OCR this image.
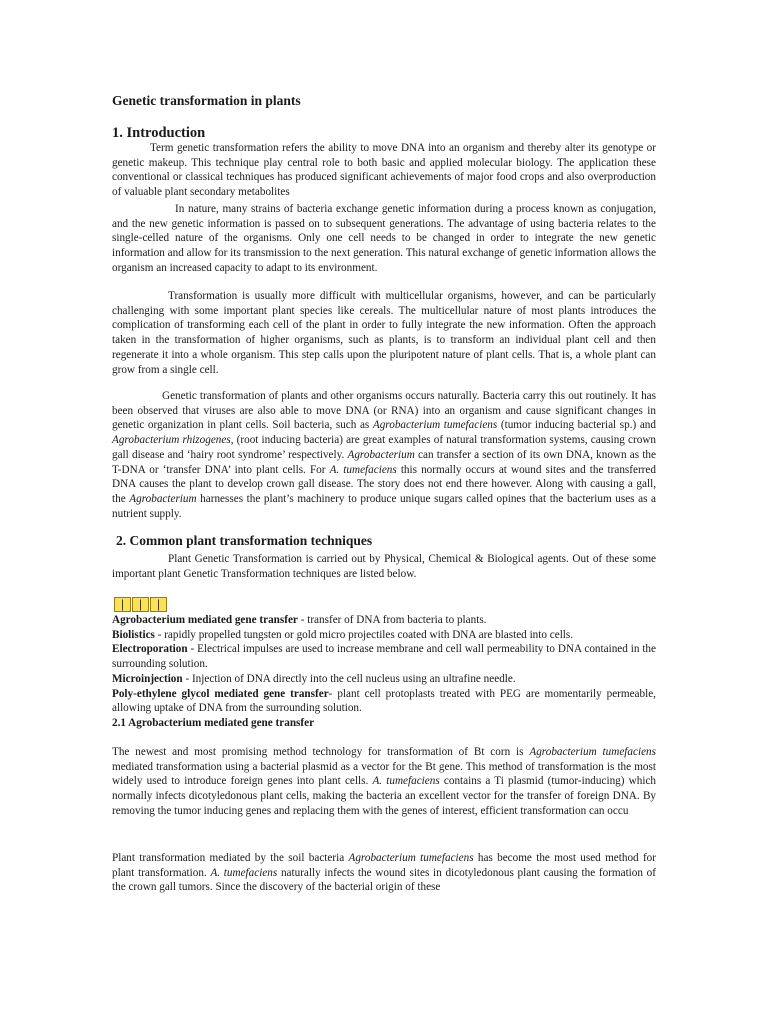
Genetic transformation in plants
1. Introduction

Term genetic transformation refers the ability to move DNA into an organism and thereby alter its genotype or genetic makeup. This technique play central role to both basic and applied molecular biology. The application these conventional or classical techniques has produced significant achievements of major food crops and also overproduction of valuable plant secondary metabolites

In nature, many strains of bacteria exchange genetic information during a process known as conjugation, and the new genetic information is passed on to subsequent generations. The advantage of using bacteria relates to the single-celled nature of the organisms. Only one cell needs to be changed in order to integrate the new genetic information and allow for its transmission to the next generation. This natural exchange of genetic information allows the organism an increased capacity to adapt to its environment.

Transformation is usually more difficult with multicellular organisms, however, and can be particularly challenging with some important plant species like cereals. The multicellular nature of most plants introduces the complication of transforming each cell of the plant in order to fully integrate the new information. Often the approach taken in the transformation of higher organisms, such as plants, is to transform an individual plant cell and then regenerate it into a whole organism. This step calls upon the pluripotent nature of plant cells. That is, a whole plant can grow from a single cell.

Genetic transformation of plants and other organisms occurs naturally. Bacteria carry this out routinely. It has been observed that viruses are also able to move DNA (or RNA) into an organism and cause significant changes in genetic organization in plant cells. Soil bacteria, such as Agrobacterium tumefaciens (tumor inducing bacterial sp.) and Agrobacterium rhizogenes, (root inducing bacteria) are great examples of natural transformation systems, causing crown gall disease and ‘hairy root syndrome’ respectively. Agrobacterium can transfer a section of its own DNA, known as the T-DNA or ‘transfer DNA’ into plant cells. For A. tumefaciens this normally occurs at wound sites and the transferred DNA causes the plant to develop crown gall disease. The story does not end there however. Along with causing a gall, the Agrobacterium harnesses the plant’s machinery to produce unique sugars called opines that the bacterium uses as a nutrient supply.

2. Common plant transformation techniques

Plant Genetic Transformation is carried out by Physical, Chemical & Biological agents. Out of these some important plant Genetic Transformation techniques are listed below.

❘ ❘ ❘
Agrobacterium mediated gene transfer - transfer of DNA from bacteria to plants.
Biolistics - rapidly propelled tungsten or gold micro projectiles coated with DNA are blasted into cells.
Electroporation - Electrical impulses are used to increase membrane and cell wall permeability to DNA contained in the surrounding solution.
Microinjection - Injection of DNA directly into the cell nucleus using an ultrafine needle.
Poly-ethylene glycol mediated gene transfer- plant cell protoplasts treated with PEG are momentarily permeable, allowing uptake of DNA from the surrounding solution.
2.1 Agrobacterium mediated gene transfer

The newest and most promising method technology for transformation of Bt corn is Agrobacterium tumefaciens mediated transformation using a bacterial plasmid as a vector for the Bt gene. This method of transformation is the most widely used to introduce foreign genes into plant cells. A. tumefaciens contains a Ti plasmid (tumor-inducing) which normally infects dicotyledonous plant cells, making the bacteria an excellent vector for the transfer of foreign DNA. By removing the tumor inducing genes and replacing them with the genes of interest, efficient transformation can occu

Plant transformation mediated by the soil bacteria Agrobacterium tumefaciens has become the most used method for plant transformation. A. tumefaciens naturally infects the wound sites in dicotyledonous plant causing the formation of the crown gall tumors. Since the discovery of the bacterial origin of these
